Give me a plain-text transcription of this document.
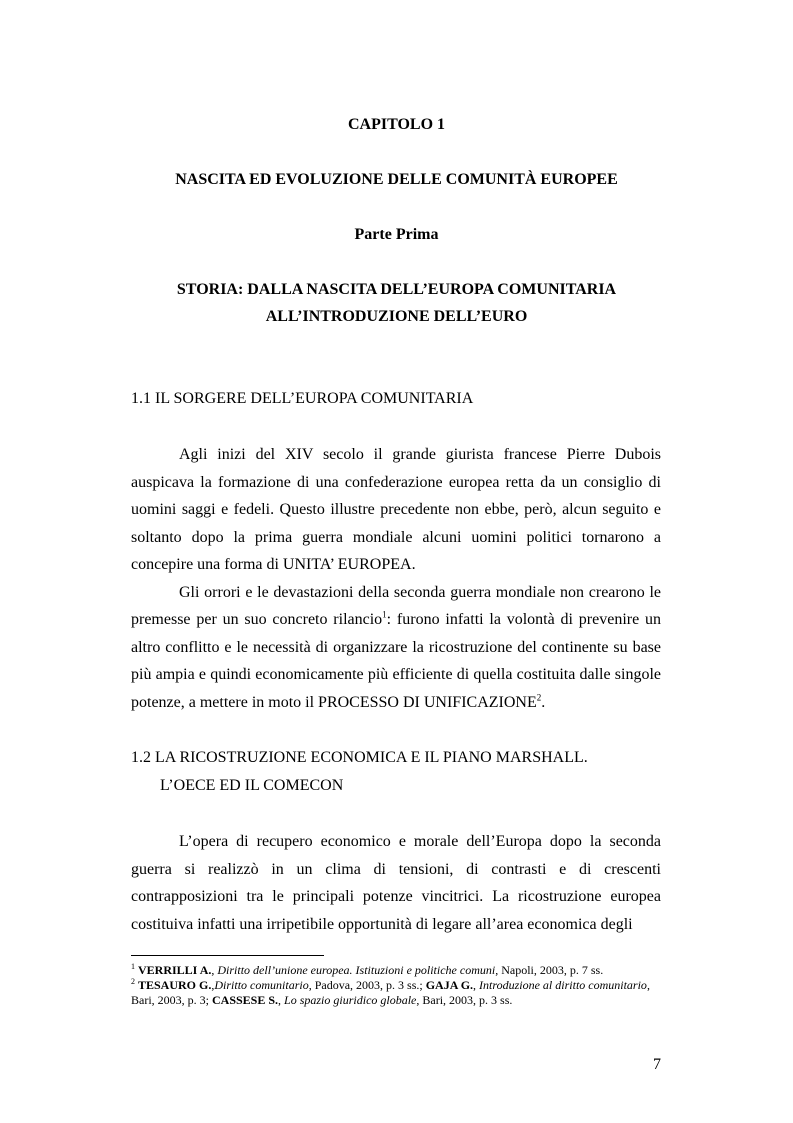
CAPITOLO 1
NASCITA ED EVOLUZIONE DELLE COMUNITÀ EUROPEE
Parte Prima
STORIA: DALLA NASCITA DELL’EUROPA COMUNITARIA
ALL’INTRODUZIONE DELL’EURO
1.1 IL SORGERE DELL’EUROPA COMUNITARIA

Agli inizi del XIV secolo il grande giurista francese Pierre Dubois auspicava la formazione di una confederazione europea retta da un consiglio di uomini saggi e fedeli. Questo illustre precedente non ebbe, però, alcun seguito e soltanto dopo la prima guerra mondiale alcuni uomini politici tornarono a concepire una forma di UNITA’ EUROPEA.

Gli orrori e le devastazioni della seconda guerra mondiale non crearono le premesse per un suo concreto rilancio$^1$: furono infatti la volontà di prevenire un altro conflitto e le necessità di organizzare la ricostruzione del continente su base più ampia e quindi economicamente più efficiente di quella costituita dalle singole potenze, a mettere in moto il PROCESSO DI UNIFICAZIONE$^2$.

1.2 LA RICOSTRUZIONE ECONOMICA E IL PIANO MARSHALL.
L’OECE ED IL COMECON

L’opera di recupero economico e morale dell’Europa dopo la seconda guerra si realizzò in un clima di tensioni, di contrasti e di crescenti contrapposizioni tra le principali potenze vincitrici. La ricostruzione europea costituiva infatti una irripetibile opportunità di legare all’area economica degli

$^1$ VERRILLI A., Diritto dell’unione europea. Istituzioni e politiche comuni, Napoli, 2003, p. 7 ss.

$^2$ TESAURO G.,Diritto comunitario, Padova, 2003, p. 3 ss.; GAJA G., Introduzione al diritto comunitario, Bari, 2003, p. 3; CASSESE S., Lo spazio giuridico globale, Bari, 2003, p. 3 ss.

7
